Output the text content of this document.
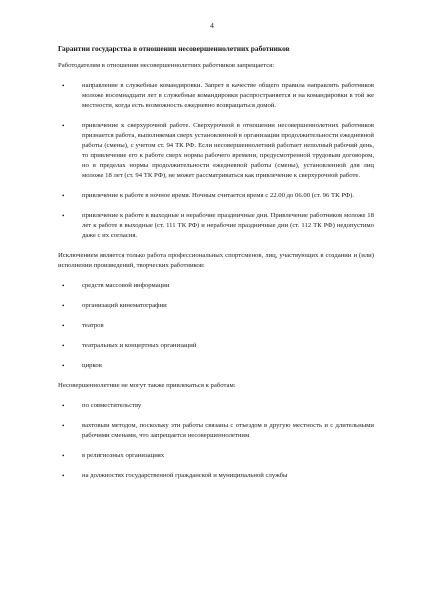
4
Гарантии государства в отношении несовершеннолетних работников
Работодателям в отношении несовершеннолетних работников запрещается:
•	направление в служебные командировки. Запрет в качестве общего правила направлять работников моложе восемнадцати лет в служебные командировки распространяется и на командировки в той же местности, когда есть возможность ежедневно возвращаться домой.
•	привлечение к сверхурочной работе. Сверхурочной в отношении несовершеннолетних работников признается работа, выполняемая сверх установленной в организации продолжительности ежедневной работы (смены), с учетом ст. 94 ТК РФ. Если несовершеннолетний работает неполный рабочий день, то привлечение его к работе сверх нормы рабочего времени, предусмотренной трудовым договором, но в пределах нормы продолжительности ежедневной работы (смены), установленной для лиц моложе 18 лет (ст. 94 ТК РФ), не может рассматриваться как привлечение к сверхурочной работе.
•	привлечение к работе в ночное время. Ночным считается время с 22.00 до 06.00 (ст. 96 ТК РФ).
•	привлечение к работе в выходные и нерабочие праздничные дни. Привлечение работников моложе 18 лет к работе в выходные (ст. 111 ТК РФ) и нерабочие праздничные дни (ст. 112 ТК РФ) недопустимо даже с их согласия.
Исключением является только работа профессиональных спортсменов, лиц, участвующих в создании и (или) исполнении произведений, творческих работников:
•	средств массовой информации
•	организаций кинематографии
•	театров
•	театральных и концертных организаций
•	цирков
Несовершеннолетние не могут также привлекаться к работам:
•	по совместительству
•	вахтовым методом, поскольку эти работы связаны с отъездом в другую местность и с длительными рабочими сменами, что запрещается несовершеннолетним
•	в религиозных организациях
•	на должностях государственной гражданской и муниципальной службы
